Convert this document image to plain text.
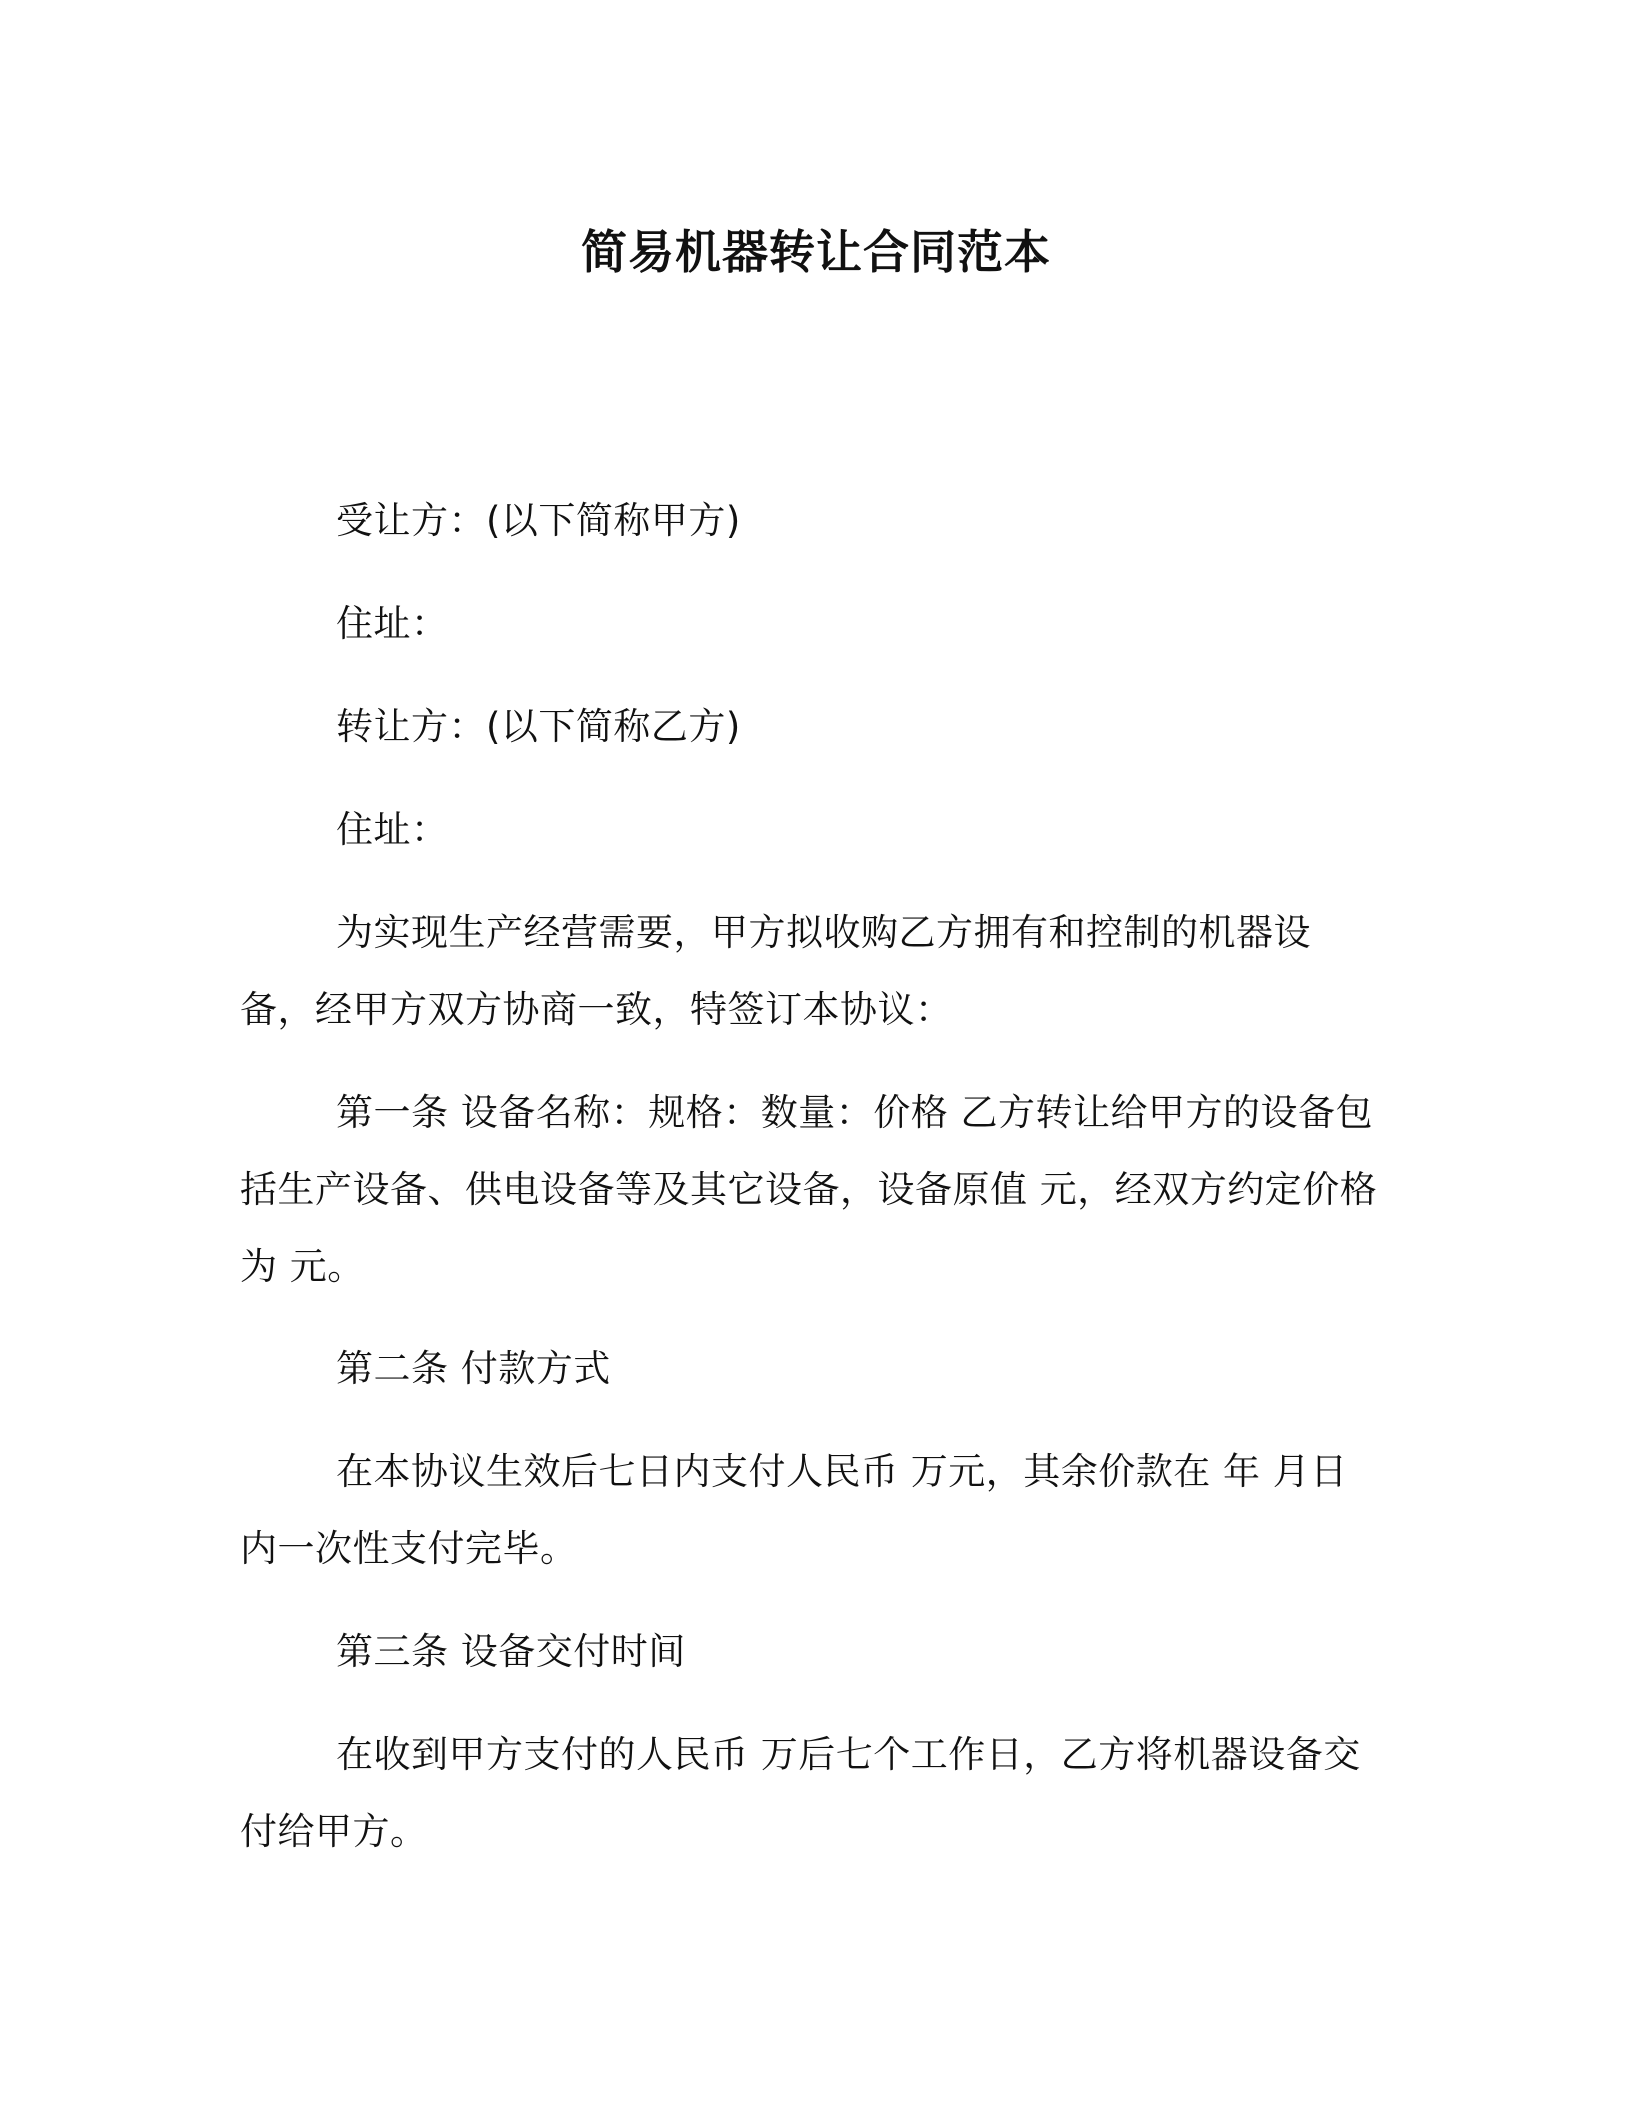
简易机器转让合同范本

受让方：(以下简称甲方)

住址：

转让方：(以下简称乙方)

住址：

为实现生产经营需要，甲方拟收购乙方拥有和控制的机器设备，经甲方双方协商一致，特签订本协议：

第一条 设备名称：规格：数量：价格 乙方转让给甲方的设备包括生产设备、供电设备等及其它设备，设备原值 元，经双方约定价格为 元。

第二条 付款方式

在本协议生效后七日内支付人民币 万元，其余价款在 年 月日内一次性支付完毕。

第三条 设备交付时间

在收到甲方支付的人民币 万后七个工作日，乙方将机器设备交付给甲方。
